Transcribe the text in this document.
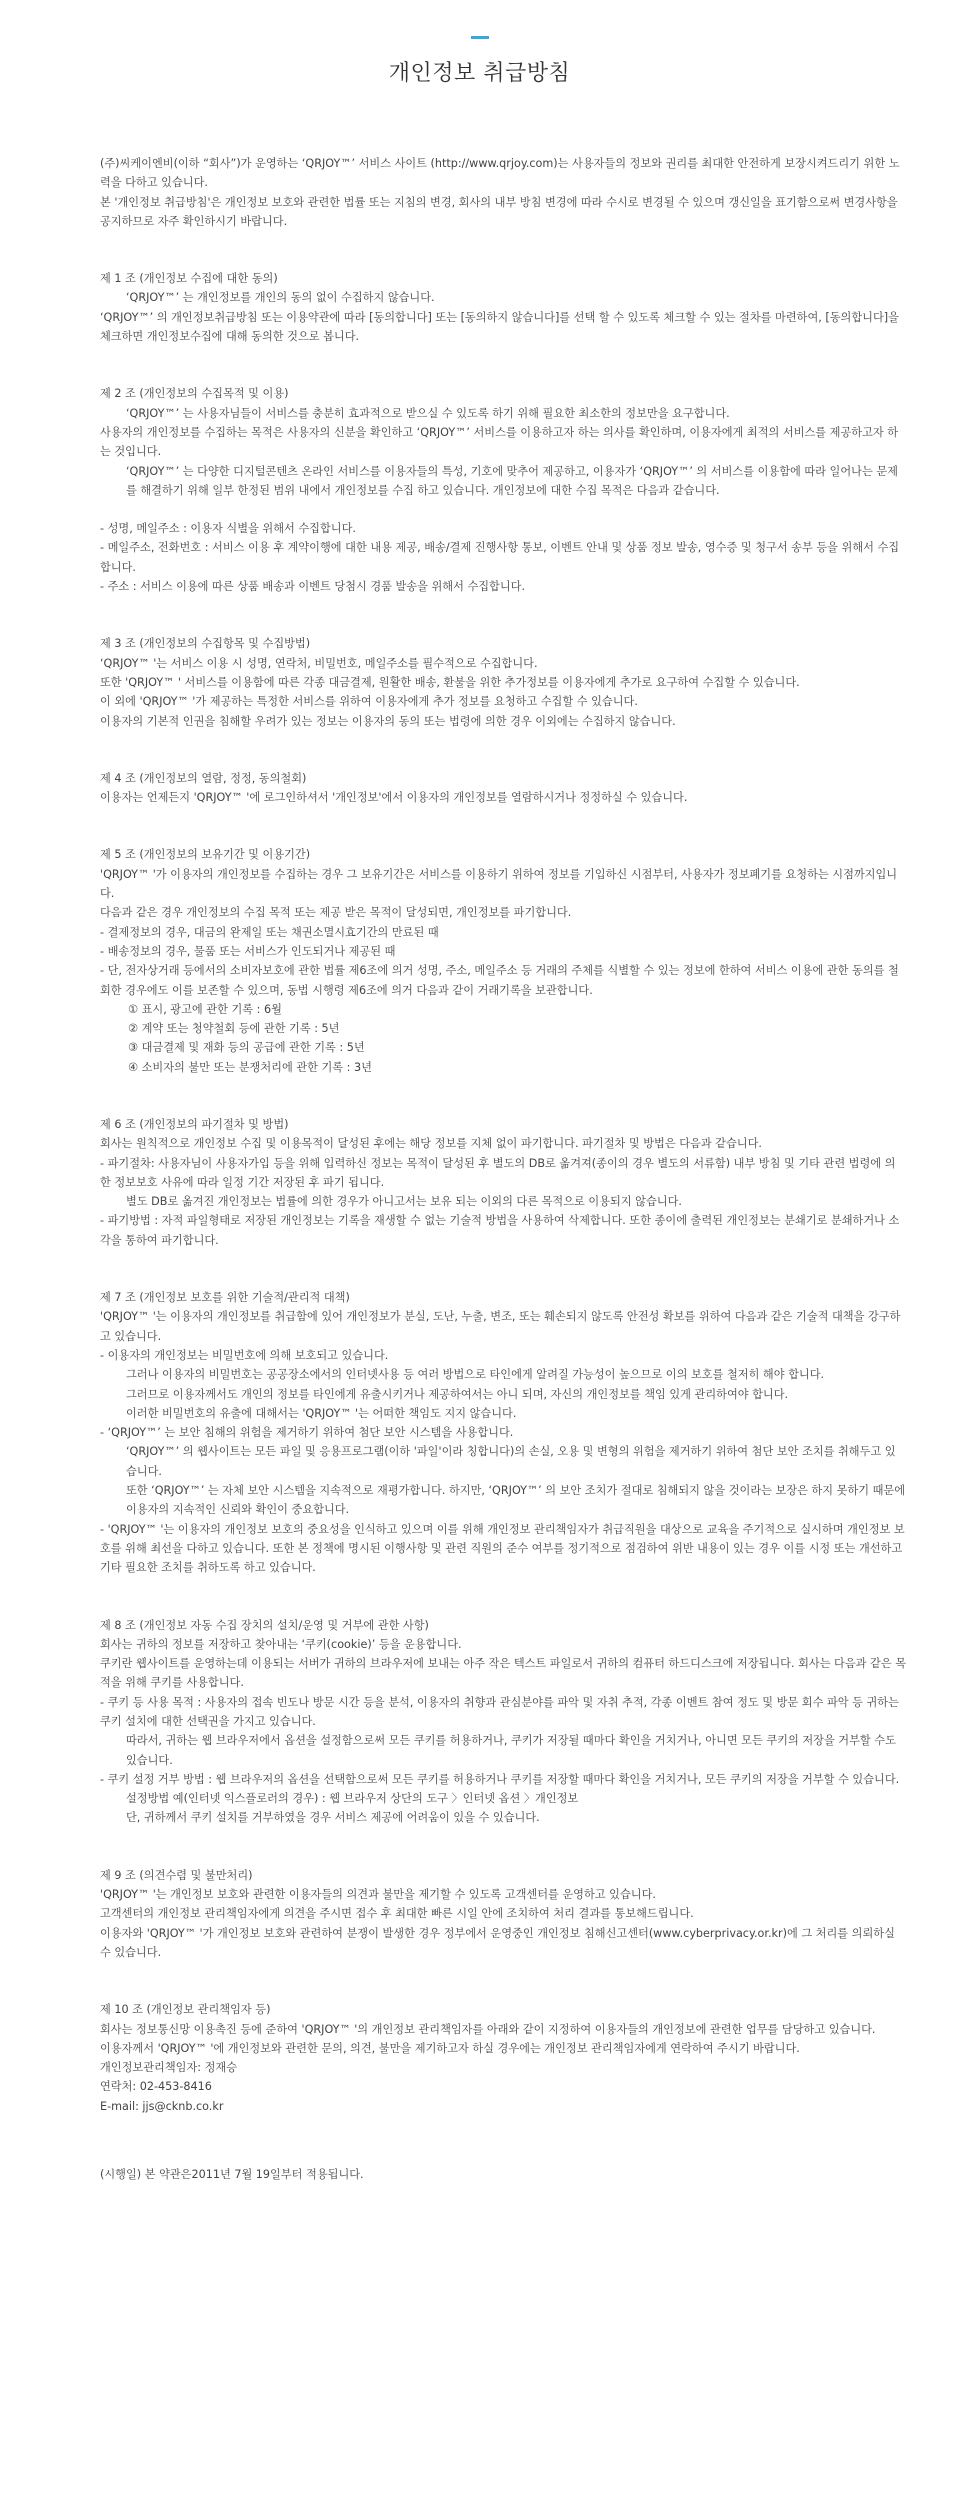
개인정보 취급방침

(주)씨케이엔비(이하 “회사”)가 운영하는 ‘QRJOY™’ 서비스 사이트 (http://www.qrjoy.com)는 사용자들의 정보와 권리를 최대한 안전하게 보장시켜드리기 위한 노력을 다하고 있습니다.

본 '개인정보 취급방침'은 개인정보 보호와 관련한 법률 또는 지침의 변경, 회사의 내부 방침 변경에 따라 수시로 변경될 수 있으며 갱신일을 표기함으로써 변경사항을 공지하므로 자주 확인하시기 바랍니다.

제 1 조 (개인정보 수집에 대한 동의)

‘QRJOY™’ 는 개인정보를 개인의 동의 없이 수집하지 않습니다.

‘QRJOY™’ 의 개인정보취급방침 또는 이용약관에 따라 [동의합니다] 또는 [동의하지 않습니다]를 선택 할 수 있도록 체크할 수 있는 절차를 마련하여, [동의합니다]을 체크하면 개인정보수집에 대해 동의한 것으로 봅니다.

제 2 조 (개인정보의 수집목적 및 이용)

‘QRJOY™’ 는 사용자님들이 서비스를 충분히 효과적으로 받으실 수 있도록 하기 위해 필요한 최소한의 정보만을 요구합니다.

사용자의 개인정보를 수집하는 목적은 사용자의 신분을 확인하고 ‘QRJOY™’ 서비스를 이용하고자 하는 의사를 확인하며, 이용자에게 최적의 서비스를 제공하고자 하는 것입니다.

‘QRJOY™’ 는 다양한 디지털콘텐츠 온라인 서비스를 이용자들의 특성, 기호에 맞추어 제공하고, 이용자가 ‘QRJOY™’ 의 서비스를 이용함에 따라 일어나는 문제를 해결하기 위해 일부 한정된 범위 내에서 개인정보를 수집 하고 있습니다. 개인정보에 대한 수집 목적은 다음과 같습니다.

- 성명, 메일주소 : 이용자 식별을 위해서 수집합니다.

- 메일주소, 전화번호 : 서비스 이용 후 계약이행에 대한 내용 제공, 배송/결제 진행사항 통보, 이벤트 안내 및 상품 정보 발송, 영수증 및 청구서 송부 등을 위해서 수집합니다.

- 주소 : 서비스 이용에 따른 상품 배송과 이벤트 당첨시 경품 발송을 위해서 수집합니다.

제 3 조 (개인정보의 수집항목 및 수집방법)

‘QRJOY™ '는 서비스 이용 시 성명, 연락처, 비밀번호, 메일주소를 필수적으로 수집합니다.

또한 'QRJOY™ ' 서비스를 이용함에 따른 각종 대금결제, 원활한 배송, 환불을 위한 추가정보를 이용자에게 추가로 요구하여 수집할 수 있습니다.

이 외에 'QRJOY™ '가 제공하는 특정한 서비스를 위하여 이용자에게 추가 정보를 요청하고 수집할 수 있습니다.

이용자의 기본적 인권을 침해할 우려가 있는 정보는 이용자의 동의 또는 법령에 의한 경우 이외에는 수집하지 않습니다.

제 4 조 (개인정보의 열람, 정정, 동의철회)

이용자는 언제든지 'QRJOY™ '에 로그인하셔서 '개인정보'에서 이용자의 개인정보를 열람하시거나 정정하실 수 있습니다.

제 5 조 (개인정보의 보유기간 및 이용기간)

'QRJOY™ '가 이용자의 개인정보를 수집하는 경우 그 보유기간은 서비스를 이용하기 위하여 정보를 기입하신 시점부터, 사용자가 정보폐기를 요청하는 시점까지입니다.

다음과 같은 경우 개인정보의 수집 목적 또는 제공 받은 목적이 달성되면, 개인정보를 파기합니다.

- 결제정보의 경우, 대금의 완제일 또는 채권소멸시효기간의 만료된 때

- 배송정보의 경우, 물품 또는 서비스가 인도되거나 제공된 때

- 단, 전자상거래 등에서의 소비자보호에 관한 법률 제6조에 의거 성명, 주소, 메일주소 등 거래의 주체를 식별할 수 있는 정보에 한하여 서비스 이용에 관한 동의를 철회한 경우에도 이를 보존할 수 있으며, 동법 시행령 제6조에 의거 다음과 같이 거래기록을 보관합니다.

① 표시, 광고에 관한 기록 : 6월

② 계약 또는 청약철회 등에 관한 기록 : 5년

③ 대금결제 및 재화 등의 공급에 관한 기록 : 5년

④ 소비자의 불만 또는 분쟁처리에 관한 기록 : 3년

제 6 조 (개인정보의 파기절차 및 방법)

회사는 원칙적으로 개인정보 수집 및 이용목적이 달성된 후에는 해당 정보를 지체 없이 파기합니다. 파기절차 및 방법은 다음과 같습니다.

- 파기절차: 사용자님이 사용자가입 등을 위해 입력하신 정보는 목적이 달성된 후 별도의 DB로 옮겨져(종이의 경우 별도의 서류함) 내부 방침 및 기타 관련 법령에 의한 정보보호 사유에 따라 일정 기간 저장된 후 파기 됩니다.

별도 DB로 옮겨진 개인정보는 법률에 의한 경우가 아니고서는 보유 되는 이외의 다른 목적으로 이용되지 않습니다.

- 파기방법 : 자적 파일형태로 저장된 개인정보는 기록을 재생할 수 없는 기술적 방법을 사용하여 삭제합니다. 또한 종이에 출력된 개인정보는 분쇄기로 분쇄하거나 소각을 통하여 파기합니다.

제 7 조 (개인정보 보호를 위한 기술적/관리적 대책)

'QRJOY™ '는 이용자의 개인정보를 취급함에 있어 개인정보가 분실, 도난, 누출, 변조, 또는 훼손되지 않도록 안전성 확보를 위하여 다음과 같은 기술적 대책을 강구하고 있습니다.

- 이용자의 개인정보는 비밀번호에 의해 보호되고 있습니다.

그러나 이용자의 비밀번호는 공공장소에서의 인터넷사용 등 여러 방법으로 타인에게 알려질 가능성이 높으므로 이의 보호를 철저히 해야 합니다.

그러므로 이용자께서도 개인의 정보를 타인에게 유출시키거나 제공하여서는 아니 되며, 자신의 개인정보를 책임 있게 관리하여야 합니다.

이러한 비밀번호의 유출에 대해서는 'QRJOY™ '는 어떠한 책임도 지지 않습니다.

- ‘QRJOY™’ 는 보안 침해의 위험을 제거하기 위하여 첨단 보안 시스템을 사용합니다.

‘QRJOY™’ 의 웹사이트는 모든 파일 및 응용프로그램(이하 '파일'이라 칭합니다)의 손실, 오용 및 변형의 위험을 제거하기 위하여 첨단 보안 조치를 취해두고 있습니다.

또한 ‘QRJOY™’ 는 자체 보안 시스템을 지속적으로 재평가합니다. 하지만, ‘QRJOY™’ 의 보안 조치가 절대로 침해되지 않을 것이라는 보장은 하지 못하기 때문에 이용자의 지속적인 신뢰와 확인이 중요합니다.

- 'QRJOY™ '는 이용자의 개인정보 보호의 중요성을 인식하고 있으며 이를 위해 개인정보 관리책임자가 취급직원을 대상으로 교육을 주기적으로 실시하며 개인정보 보호를 위해 최선을 다하고 있습니다. 또한 본 정책에 명시된 이행사항 및 관련 직원의 준수 여부를 정기적으로 점검하여 위반 내용이 있는 경우 이를 시정 또는 개선하고 기타 필요한 조치를 취하도록 하고 있습니다.

제 8 조 (개인정보 자동 수집 장치의 설치/운영 및 거부에 관한 사항)

회사는 귀하의 정보를 저장하고 찾아내는 ‘쿠키(cookie)’ 등을 운용합니다.

쿠키란 웹사이트를 운영하는데 이용되는 서버가 귀하의 브라우저에 보내는 아주 작은 텍스트 파일로서 귀하의 컴퓨터 하드디스크에 저장됩니다. 회사는 다음과 같은 목적을 위해 쿠키를 사용합니다.

- 쿠키 등 사용 목적 : 사용자의 접속 빈도나 방문 시간 등을 분석, 이용자의 취향과 관심분야를 파악 및 자취 추적, 각종 이벤트 참여 정도 및 방문 회수 파악 등 귀하는 쿠키 설치에 대한 선택권을 가지고 있습니다.

따라서, 귀하는 웹 브라우저에서 옵션을 설정함으로써 모든 쿠키를 허용하거나, 쿠키가 저장될 때마다 확인을 거치거나, 아니면 모든 쿠키의 저장을 거부할 수도 있습니다.

- 쿠키 설정 거부 방법 : 웹 브라우저의 옵션을 선택함으로써 모든 쿠키를 허용하거나 쿠키를 저장할 때마다 확인을 거치거나, 모든 쿠키의 저장을 거부할 수 있습니다.

설정방법 예(인터넷 익스플로러의 경우) : 웹 브라우저 상단의 도구 〉인터넷 옵션 〉개인정보

단, 귀하께서 쿠키 설치를 거부하였을 경우 서비스 제공에 어려움이 있을 수 있습니다.

제 9 조 (의견수렴 및 불만처리)

'QRJOY™ '는 개인정보 보호와 관련한 이용자들의 의견과 불만을 제기할 수 있도록 고객센터를 운영하고 있습니다.

고객센터의 개인정보 관리책임자에게 의견을 주시면 접수 후 최대한 빠른 시일 안에 조치하여 처리 결과를 통보해드립니다.

이용자와 'QRJOY™ '가 개인정보 보호와 관련하여 분쟁이 발생한 경우 정부에서 운영중인 개인정보 침해신고센터(www.cyberprivacy.or.kr)에 그 처리를 의뢰하실 수 있습니다.

제 10 조 (개인정보 관리책임자 등)

회사는 정보통신망 이용촉진 등에 준하여 'QRJOY™ '의 개인정보 관리책임자를 아래와 같이 지정하여 이용자들의 개인정보에 관련한 업무를 담당하고 있습니다.

이용자께서 'QRJOY™ '에 개인정보와 관련한 문의, 의견, 불만을 제기하고자 하실 경우에는 개인정보 관리책임자에게 연락하여 주시기 바랍니다.

개인정보관리책임자: 정재승

연락처: 02-453-8416

E-mail: jjs@cknb.co.kr

(시행일) 본 약관은2011년 7월 19일부터 적용됩니다.
